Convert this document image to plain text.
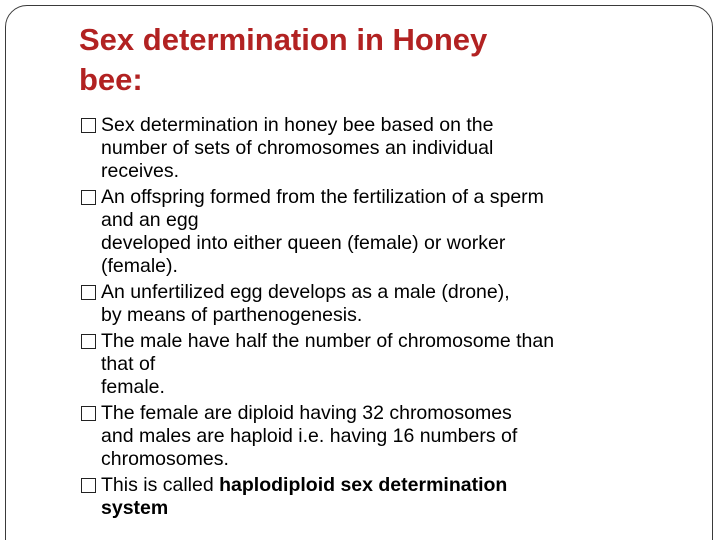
Sex determination in Honey
bee:
Sex determination in honey bee based on the
number of sets of chromosomes an individual
receives.
An offspring formed from the fertilization of a sperm
and an egg
developed into either queen (female) or worker
(female).
An unfertilized egg develops as a male (drone),
by means of parthenogenesis.
The male have half the number of chromosome than
that of
female.
The female are diploid having 32 chromosomes
and males are haploid i.e. having 16 numbers of
chromosomes.
This is called haplodiploid sex determination
system
